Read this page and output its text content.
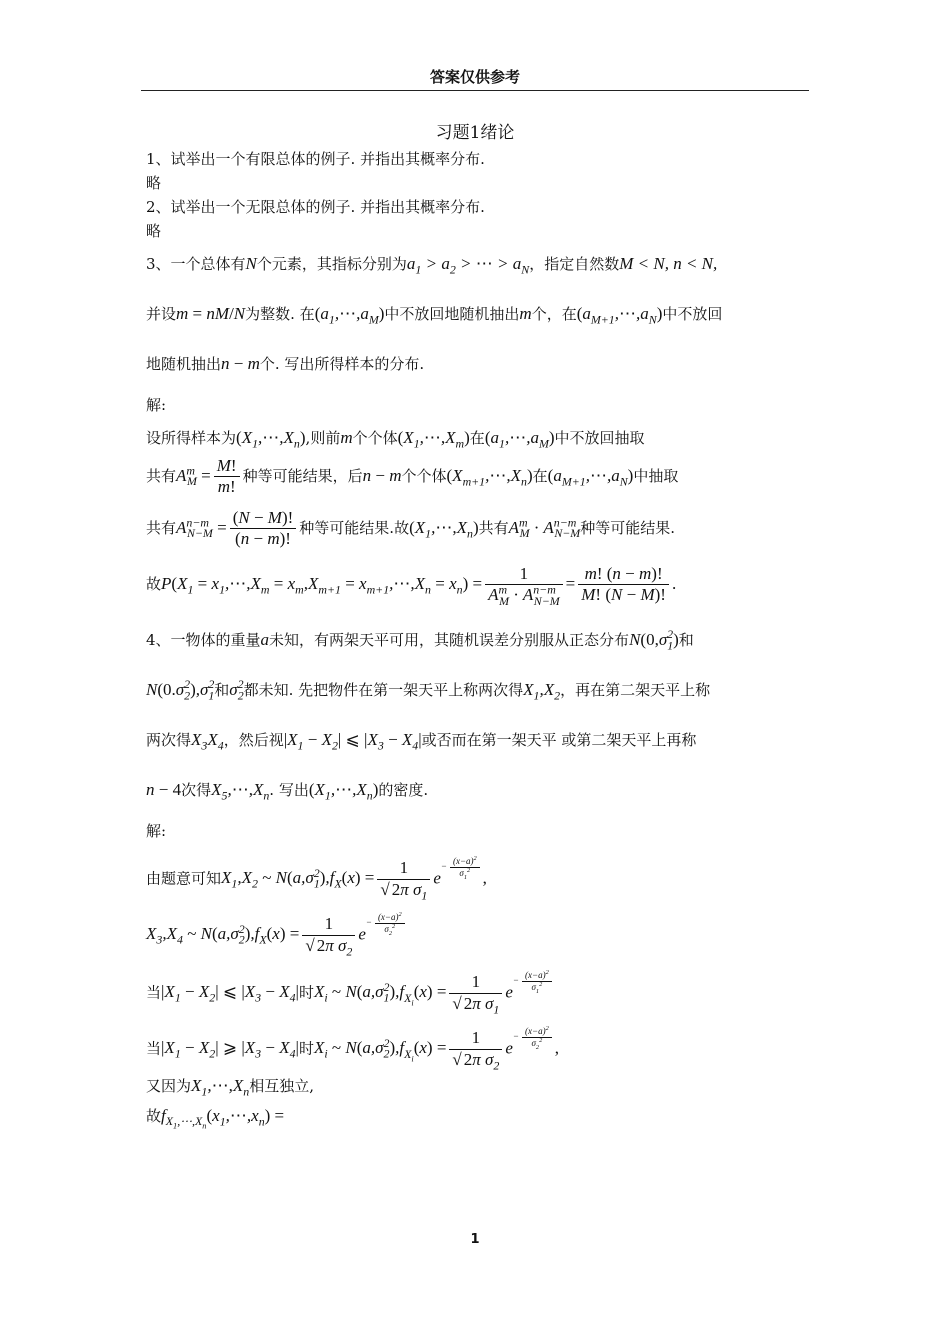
答案仅供参考
习题1绪论
1、试举出一个有限总体的例子. 并指出其概率分布.
略
2、试举出一个无限总体的例子. 并指出其概率分布.
略
3、一个总体有N个元素，其指标分别为$a_1 > a_2$ > ⋯ > $a_N$，指定自然数M < N, n < N,
并设m = nM/N为整数. 在$(a_1,\cdots,a_M)$中不放回地随机抽出m个，在$(a_{M+1},\cdots,a_N)$中不放回
地随机抽出n − m个. 写出所得样本的分布.
解:
设所得样本为$(X_1,\cdots,X_n)$,则前m个个体$(X_1,\cdots,X_m)$在$(a_1,\cdots,a_M)$中不放回抽取
共有$A^m_M = \frac{M!}{m!}$ 种等可能结果，后n − m个个体$(X_{m+1},\cdots,X_n)$在$(a_{M+1},\cdots,a_N)$中抽取
共有$A^{n-m}_{N-M} = \frac{(N - M)!}{(n - m)!}$ 种等可能结果.故$(X_1,\cdots,X_n)$共有$A^m_M \cdot A^{n-m}_{N-M}$种等可能结果.
故$P(X_1$ = $x_1,\cdots,X_m = x_m,X_{m+1}$ = $x_{m+1},\cdots,X_n = x_n) = \frac{1}{A^m_M \cdot A^{n-m}_{N-M}} = \frac{m! (n - m)!}{M! (N - M)!}$ .
4、一物体的重量a未知，有两架天平可用，其随机误差分别服从正态分布$N(0,\sigma_1^2)$和
$N(0.\sigma_2^2),\sigma_1^2$和$\sigma_2^2$都未知. 先把物件在第一架天平上称两次得$X_1,X_2$，再在第二架天平上称
两次得$X_3X_4$，然后视$|X_1 - X_2|$ ⩽ $|X_3 - X_4|$或否而在第一架天平 或第二架天平上再称
n − 4次得$X_5,\cdots,X_n$. 写出$(X_1,\cdots,X_n)$的密度.
解:
由题意可知$X_1,X_2$ ~ $N(a,\sigma_1^2),f_X(x) = \frac{1}{√ 2\pi \sigma_1} e^{- \frac{(x-a)^2}{\sigma_1^2}}$ ,
$X_3,X_4$ ~ $N(a,\sigma_2^2),f_X(x) = \frac{1}{√ 2\pi \sigma_2} e^{- \frac{(x-a)^2}{\sigma_2^2}}$
当$|X_1 - X_2|$ ⩽ $|X_3 - X_4|$时$X_i$ ~ $N(a,\sigma_1^2),f_{X_i}(x) = \frac{1}{√ 2\pi \sigma_1} e^{- \frac{(x-a)^2}{\sigma_1^2}}$
当$|X_1 - X_2|$ ⩾ $|X_3 - X_4|$时$X_i$ ~ $N(a,\sigma_2^2),f_{X_i}(x) = \frac{1}{√ 2\pi \sigma_2} e^{- \frac{(x-a)^2}{\sigma_2^2}}$ ,
又因为$X_1,\cdots,X_n$相互独立,
故$f_{X_1,\cdots,X_n}(x_1,\cdots,x_n)$ =
1
